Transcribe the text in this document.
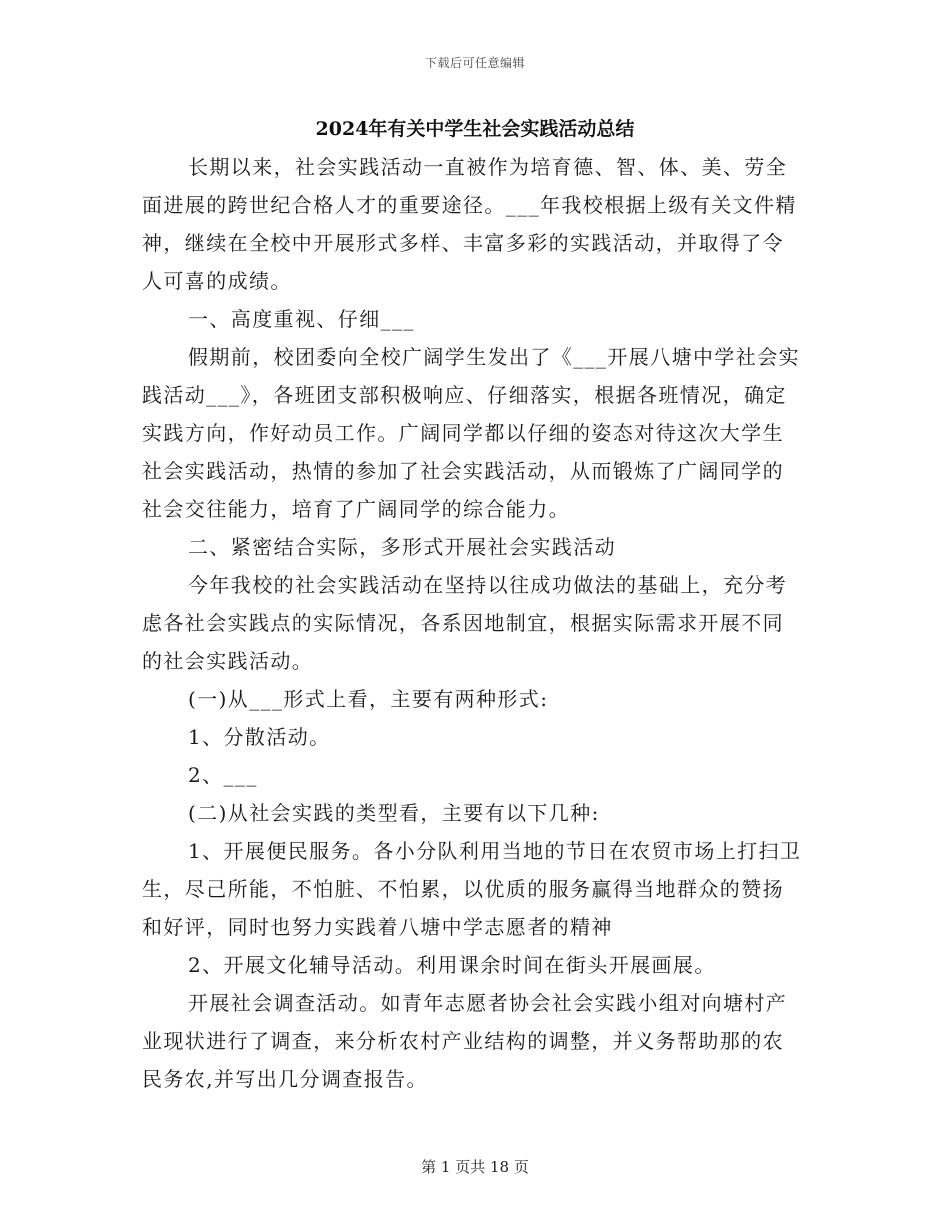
下载后可任意编辑
2024年有关中学生社会实践活动总结

长期以来，社会实践活动一直被作为培育德、智、体、美、劳全面进展的跨世纪合格人才的重要途径。___年我校根据上级有关文件精神，继续在全校中开展形式多样、丰富多彩的实践活动，并取得了令人可喜的成绩。

一、高度重视、仔细___

假期前，校团委向全校广阔学生发出了《___开展八塘中学社会实践活动___》，各班团支部积极响应、仔细落实，根据各班情况，确定实践方向，作好动员工作。广阔同学都以仔细的姿态对待这次大学生社会实践活动，热情的参加了社会实践活动，从而锻炼了广阔同学的社会交往能力，培育了广阔同学的综合能力。

二、紧密结合实际，多形式开展社会实践活动

今年我校的社会实践活动在坚持以往成功做法的基础上，充分考虑各社会实践点的实际情况，各系因地制宜，根据实际需求开展不同的社会实践活动。

(一)从___形式上看，主要有两种形式:

1、分散活动。

2、___

(二)从社会实践的类型看，主要有以下几种:

1、开展便民服务。各小分队利用当地的节日在农贸市场上打扫卫生，尽己所能，不怕脏、不怕累，以优质的服务赢得当地群众的赞扬和好评，同时也努力实践着八塘中学志愿者的精神

2、开展文化辅导活动。利用课余时间在街头开展画展。

开展社会调查活动。如青年志愿者协会社会实践小组对向塘村产业现状进行了调查，来分析农村产业结构的调整，并义务帮助那的农民务农,并写出几分调查报告。

第 1 页共 18 页
